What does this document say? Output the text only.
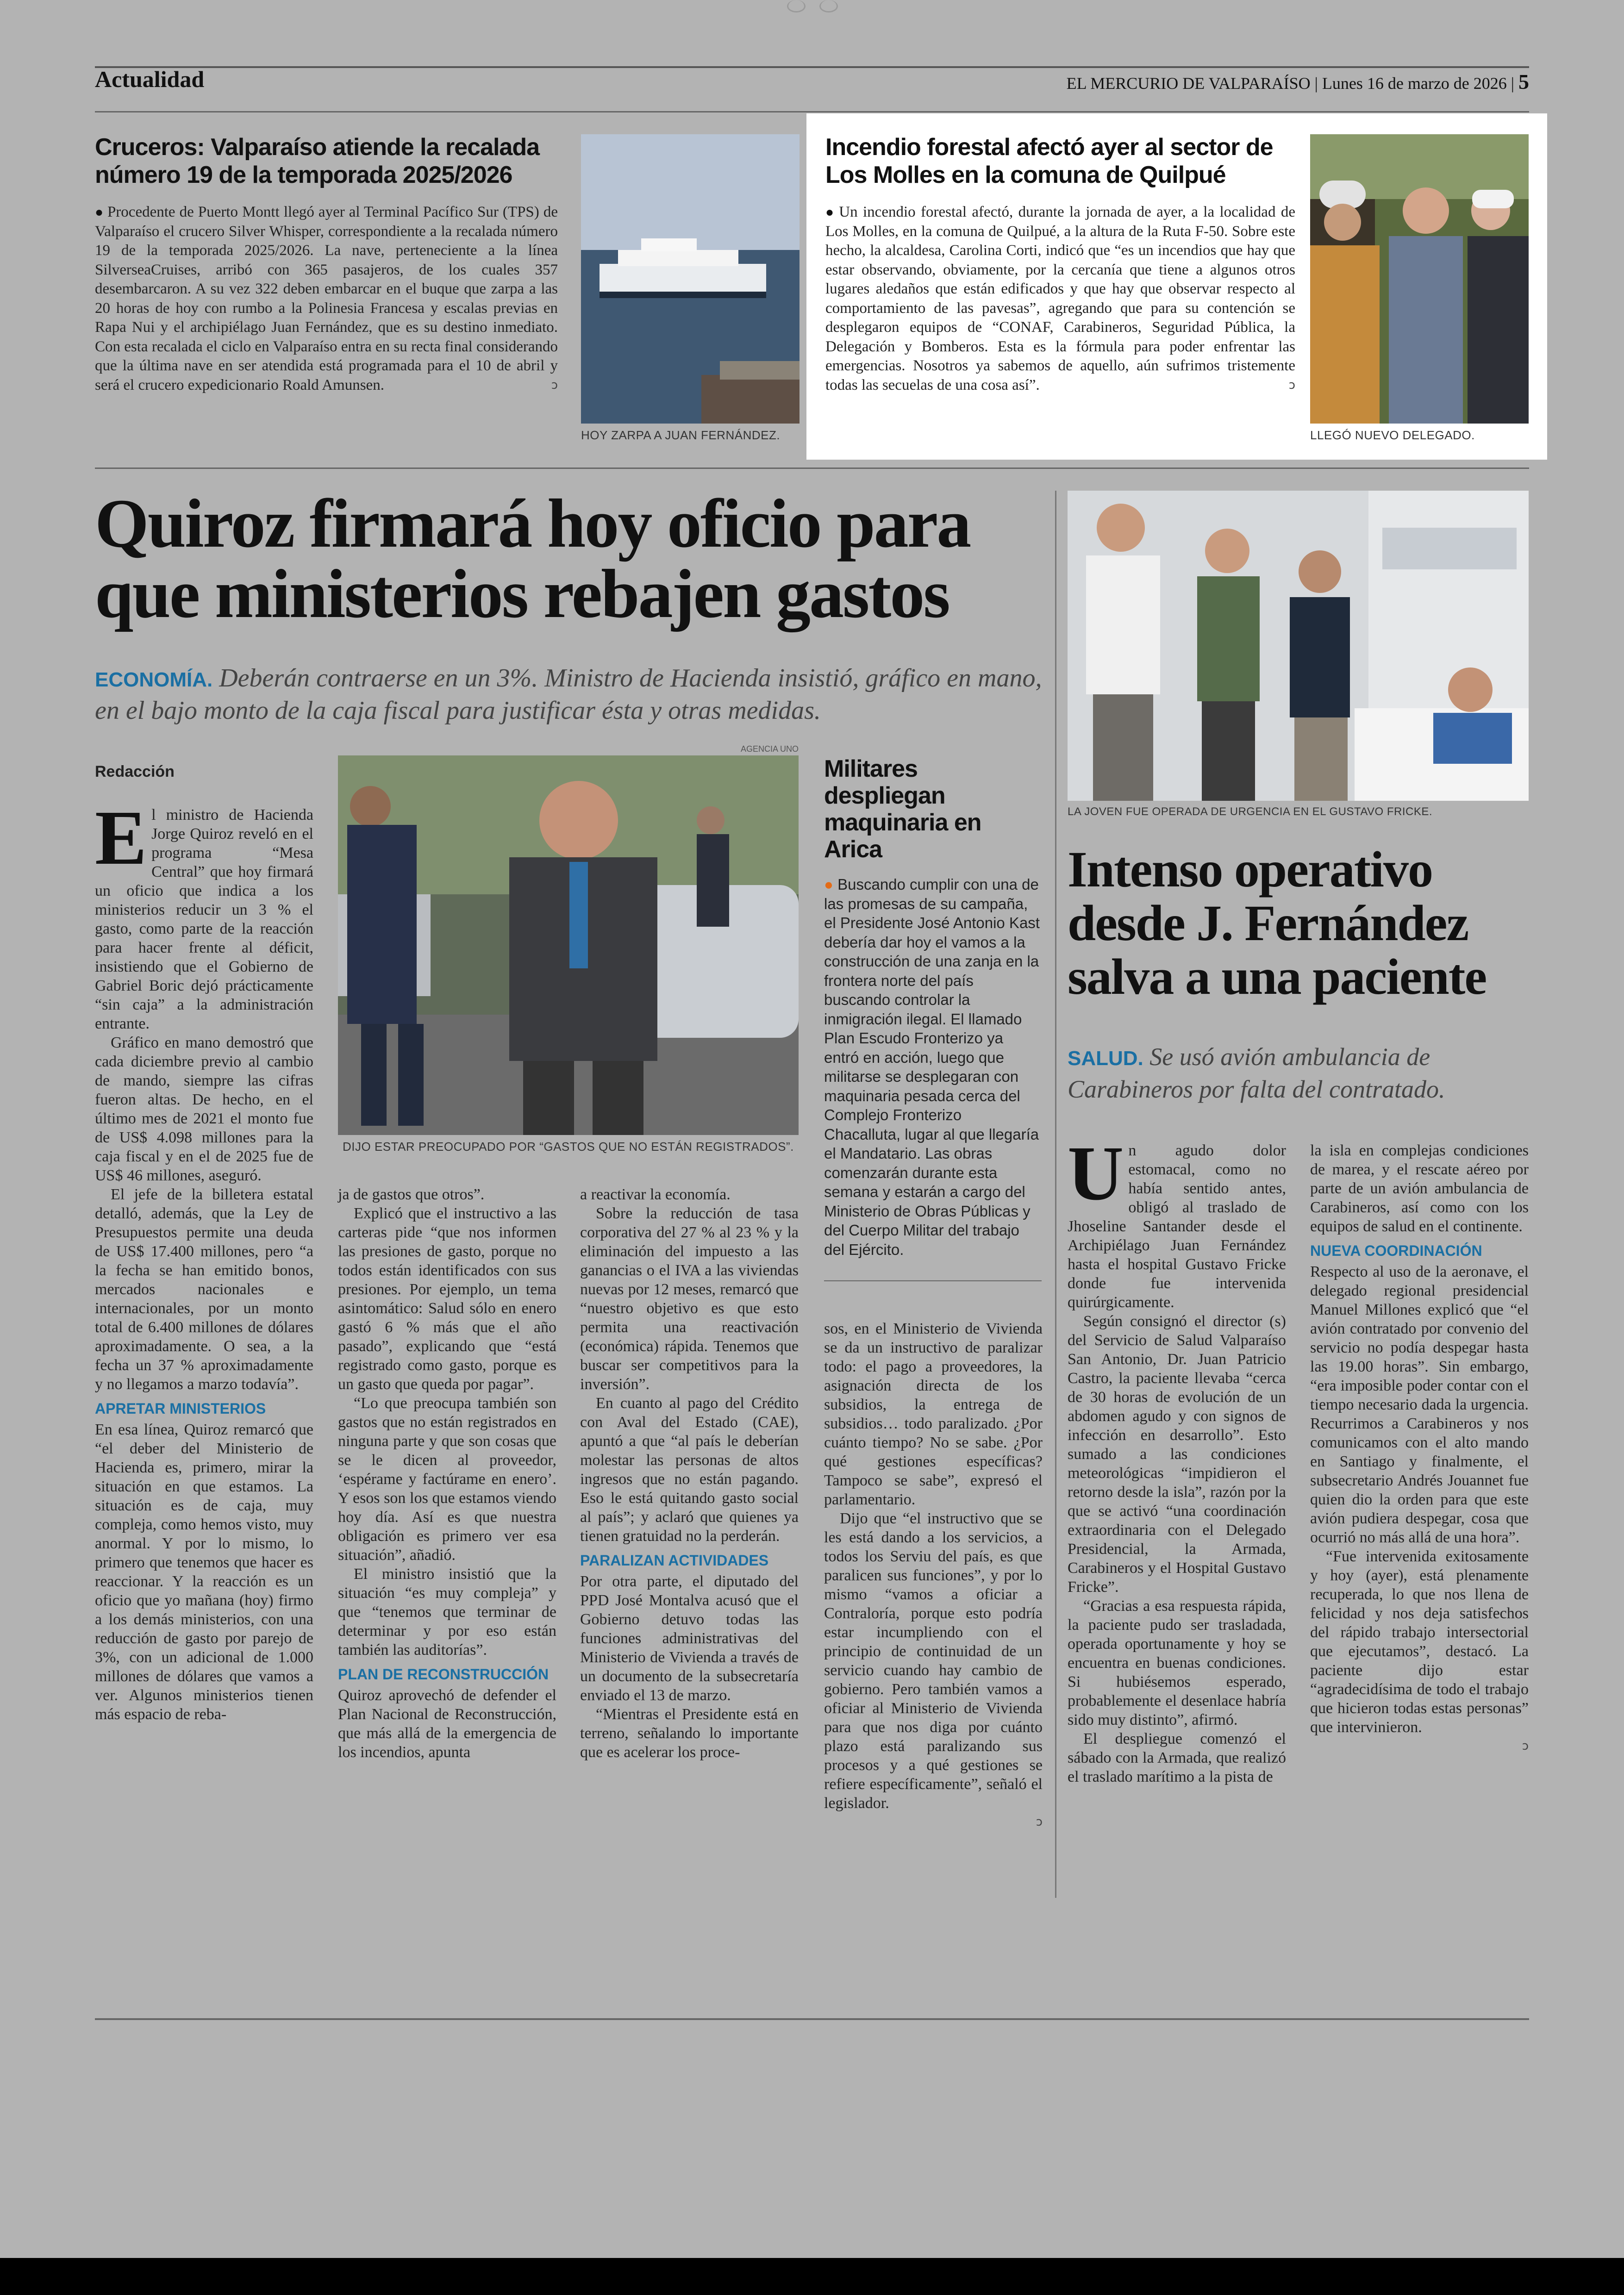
Actualidad	EL MERCURIO DE VALPARAÍSO | Lunes 16 de marzo de 2026 | 5
Cruceros: Valparaíso atiende la recalada número 19 de la temporada 2025/2026
● Procedente de Puerto Montt llegó ayer al Terminal Pacífico Sur (TPS) de Valparaíso el crucero Silver Whisper, correspondiente a la recalada número 19 de la temporada 2025/2026. La nave, perteneciente a la línea SilverseaCruises, arribó con 365 pasajeros, de los cuales 357 desembarcaron. A su vez 322 deben embarcar en el buque que zarpa a las 20 horas de hoy con rumbo a la Polinesia Francesa y escalas previas en Rapa Nui y el archipiélago Juan Fernández, que es su destino inmediato. Con esta recalada el ciclo en Valparaíso entra en su recta final considerando que la última nave en ser atendida está programada para el 10 de abril y será el crucero expedicionario Roald Amunsen.	ↄ
HOY ZARPA A JUAN FERNÁNDEZ.
Incendio forestal afectó ayer al sector de Los Molles en la comuna de Quilpué
● Un incendio forestal afectó, durante la jornada de ayer, a la localidad de Los Molles, en la comuna de Quilpué, a la altura de la Ruta F-50. Sobre este hecho, la alcaldesa, Carolina Corti, indicó que “es un incendios que hay que estar observando, obviamente, por la cercanía que tiene a algunos otros lugares aledaños que están edificados y que hay que observar respecto al comportamiento de las pavesas”, agregando que para su contención se desplegaron equipos de “CONAF, Carabineros, Seguridad Pública, la Delegación y Bomberos. Esta es la fórmula para poder enfrentar las emergencias. Nosotros ya sabemos de aquello, aún sufrimos tristemente todas las secuelas de una cosa así”.	ↄ
LLEGÓ NUEVO DELEGADO.
Quiroz firmará hoy oficio para que ministerios rebajen gastos
ECONOMÍA. Deberán contraerse en un 3%. Ministro de Hacienda insistió, gráfico en mano, en el bajo monto de la caja fiscal para justificar ésta y otras medidas.
Redacción
AGENCIA UNO
DIJO ESTAR PREOCUPADO POR “GASTOS QUE NO ESTÁN REGISTRADOS”.
E l ministro de Hacienda Jorge Quiroz reveló en el programa “Mesa Central” que hoy firmará un oficio que indica a los ministerios reducir un 3 % el gasto, como parte de la reacción para hacer frente al déficit, insistiendo que el Gobierno de Gabriel Boric dejó prácticamente “sin caja” a la administración entrante.

Gráfico en mano demostró que cada diciembre previo al cambio de mando, siempre las cifras fueron altas. De hecho, en el último mes de 2021 el monto fue de US$ 4.098 millones para la caja fiscal y en el de 2025 fue de US$ 46 millones, aseguró.

El jefe de la billetera estatal detalló, además, que la Ley de Presupuestos permite una deuda de US$ 17.400 millones, pero “a la fecha se han emitido bonos, mercados nacionales e internacionales, por un monto total de 6.400 millones de dólares aproximadamente. O sea, a la fecha un 37 % aproximadamente y no llegamos a marzo todavía”.

APRETAR MINISTERIOS

En esa línea, Quiroz remarcó que “el deber del Ministerio de Hacienda es, primero, mirar la situación en que estamos. La situación es de caja, muy compleja, como hemos visto, muy anormal. Y por lo mismo, lo primero que tenemos que hacer es reaccionar. Y la reacción es un oficio que yo mañana (hoy) firmo a los demás ministerios, con una reducción de gasto por parejo de 3%, con un adicional de 1.000 millones de dólares que vamos a ver. Algunos ministerios tienen más espacio de reba-

ja de gastos que otros”.

Explicó que el instructivo a las carteras pide “que nos informen las presiones de gasto, porque no todos están identificados con sus presiones. Por ejemplo, un tema asintomático: Salud sólo en enero gastó 6 % más que el año pasado”, explicando que “está registrado como gasto, porque es un gasto que queda por pagar”.

“Lo que preocupa también son gastos que no están registrados en ninguna parte y que son cosas que se le dicen al proveedor, ‘espérame y factúrame en enero’. Y esos son los que estamos viendo hoy día. Así es que nuestra obligación es primero ver esa situación”, añadió.

El ministro insistió que la situación “es muy compleja” y que “tenemos que terminar de determinar y por eso están también las auditorías”.

PLAN DE RECONSTRUCCIÓN

Quiroz aprovechó de defender el Plan Nacional de Reconstrucción, que más allá de la emergencia de los incendios, apunta

a reactivar la economía.

Sobre la reducción de tasa corporativa del 27 % al 23 % y la eliminación del impuesto a las ganancias o el IVA a las viviendas nuevas por 12 meses, remarcó que “nuestro objetivo es que esto permita una reactivación (económica) rápida. Tenemos que buscar ser competitivos para la inversión”.

En cuanto al pago del Crédito con Aval del Estado (CAE), apuntó a que “al país le deberían molestar las personas de altos ingresos que no están pagando. Eso le está quitando gasto social al país”; y aclaró que quienes ya tienen gratuidad no la perderán.

PARALIZAN ACTIVIDADES

Por otra parte, el diputado del PPD José Montalva acusó que el Gobierno detuvo todas las funciones administrativas del Ministerio de Vivienda a través de un documento de la subsecretaría enviado el 13 de marzo.

“Mientras el Presidente está en terreno, señalando lo importante que es acelerar los proce-

Militares despliegan maquinaria en Arica
● Buscando cumplir con una de las promesas de su campaña, el Presidente José Antonio Kast debería dar hoy el vamos a la construcción de una zanja en la frontera norte del país buscando controlar la inmigración ilegal. El llamado Plan Escudo Fronterizo ya entró en acción, luego que militarse se desplegaran con maquinaria pesada cerca del Complejo Fronterizo Chacalluta, lugar al que llegaría el Mandatario. Las obras comenzarán durante esta semana y estarán a cargo del Ministerio de Obras Públicas y del Cuerpo Militar del trabajo del Ejército.

sos, en el Ministerio de Vivienda se da un instructivo de paralizar todo: el pago a proveedores, la asignación directa de los subsidios, la entrega de subsidios… todo paralizado. ¿Por cuánto tiempo? No se sabe. ¿Por qué gestiones específicas? Tampoco se sabe”, expresó el parlamentario.

Dijo que “el instructivo que se les está dando a los servicios, a todos los Serviu del país, es que paralicen sus funciones”, y por lo mismo “vamos a oficiar a Contraloría, porque esto podría estar incumpliendo con el principio de continuidad de un servicio cuando hay cambio de gobierno. Pero también vamos a oficiar al Ministerio de Vivienda para que nos diga por cuánto plazo está paralizando sus procesos y a qué gestiones se refiere específicamente”, señaló el legislador.

ↄ
LA JOVEN FUE OPERADA DE URGENCIA EN EL GUSTAVO FRICKE.
Intenso operativo desde J. Fernández salva a una paciente
SALUD. Se usó avión ambulancia de Carabineros por falta del contratado.
U n agudo dolor estomacal, como no había sentido antes, obligó al traslado de Jhoseline Santander desde el Archipiélago Juan Fernández hasta el hospital Gustavo Fricke donde fue intervenida quirúrgicamente.

Según consignó el director (s) del Servicio de Salud Valparaíso San Antonio, Dr. Juan Patricio Castro, la paciente llevaba “cerca de 30 horas de evolución de un abdomen agudo y con signos de infección en desarrollo”. Esto sumado a las condiciones meteorológicas “impidieron el retorno desde la isla”, razón por la que se activó “una coordinación extraordinaria con el Delegado Presidencial, la Armada, Carabineros y el Hospital Gustavo Fricke”.

“Gracias a esa respuesta rápida, la paciente pudo ser trasladada, operada oportunamente y hoy se encuentra en buenas condiciones. Si hubiésemos esperado, probablemente el desenlace habría sido muy distinto”, afirmó.

El despliegue comenzó el sábado con la Armada, que realizó el traslado marítimo a la pista de

la isla en complejas condiciones de marea, y el rescate aéreo por parte de un avión ambulancia de Carabineros, así como con los equipos de salud en el continente.

NUEVA COORDINACIÓN

Respecto al uso de la aeronave, el delegado regional presidencial Manuel Millones explicó que “el avión contratado por convenio del servicio no podía despegar hasta las 19.00 horas”. Sin embargo, “era imposible poder contar con el tiempo necesario dada la urgencia. Recurrimos a Carabineros y nos comunicamos con el alto mando en Santiago y finalmente, el subsecretario Andrés Jouannet fue quien dio la orden para que este avión pudiera despegar, cosa que ocurrió no más allá de una hora”.

“Fue intervenida exitosamente y hoy (ayer), está plenamente recuperada, lo que nos llena de felicidad y nos deja satisfechos del rápido trabajo intersectorial que ejecutamos”, destacó. La paciente dijo estar “agradecidísima de todo el trabajo que hicieron todas estas personas” que intervinieron.

ↄ
